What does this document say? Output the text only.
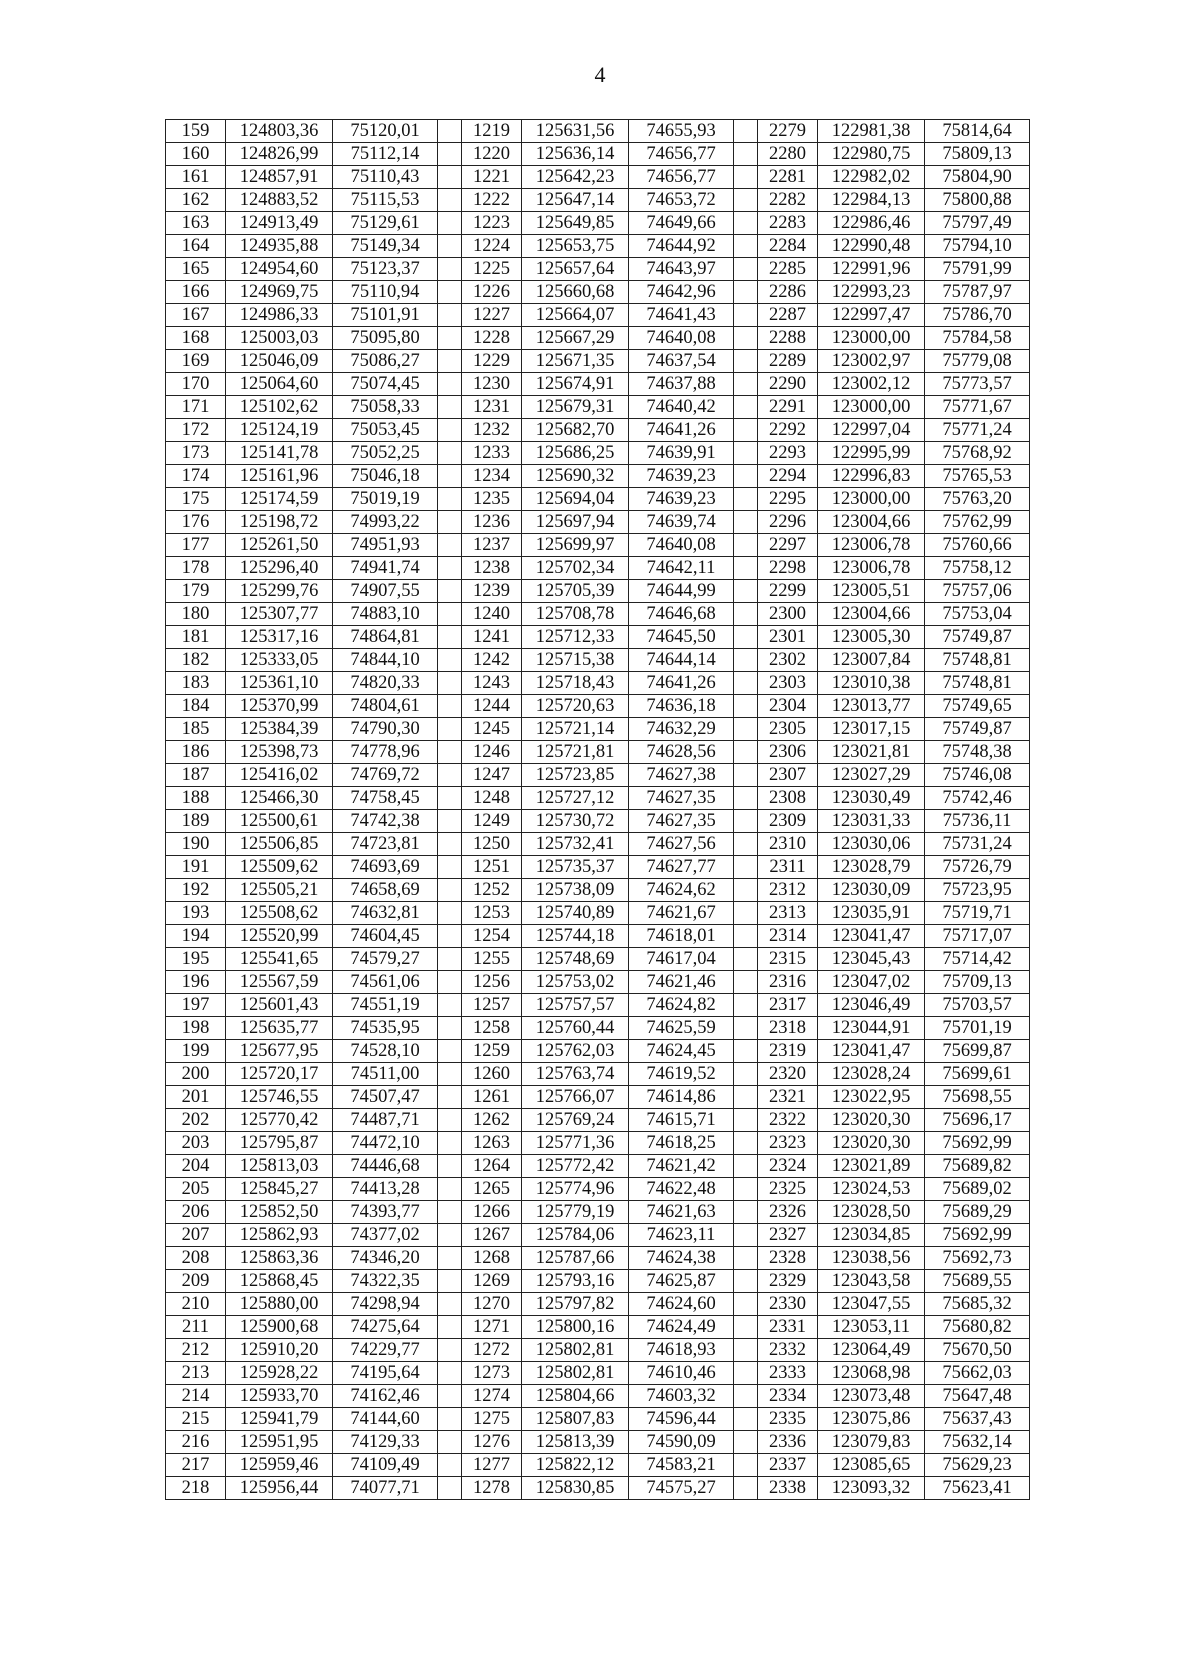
4
159	124803,36	75120,01		1219	125631,56	74655,93		2279	122981,38	75814,64
160	124826,99	75112,14		1220	125636,14	74656,77		2280	122980,75	75809,13
161	124857,91	75110,43		1221	125642,23	74656,77		2281	122982,02	75804,90
162	124883,52	75115,53		1222	125647,14	74653,72		2282	122984,13	75800,88
163	124913,49	75129,61		1223	125649,85	74649,66		2283	122986,46	75797,49
164	124935,88	75149,34		1224	125653,75	74644,92		2284	122990,48	75794,10
165	124954,60	75123,37		1225	125657,64	74643,97		2285	122991,96	75791,99
166	124969,75	75110,94		1226	125660,68	74642,96		2286	122993,23	75787,97
167	124986,33	75101,91		1227	125664,07	74641,43		2287	122997,47	75786,70
168	125003,03	75095,80		1228	125667,29	74640,08		2288	123000,00	75784,58
169	125046,09	75086,27		1229	125671,35	74637,54		2289	123002,97	75779,08
170	125064,60	75074,45		1230	125674,91	74637,88		2290	123002,12	75773,57
171	125102,62	75058,33		1231	125679,31	74640,42		2291	123000,00	75771,67
172	125124,19	75053,45		1232	125682,70	74641,26		2292	122997,04	75771,24
173	125141,78	75052,25		1233	125686,25	74639,91		2293	122995,99	75768,92
174	125161,96	75046,18		1234	125690,32	74639,23		2294	122996,83	75765,53
175	125174,59	75019,19		1235	125694,04	74639,23		2295	123000,00	75763,20
176	125198,72	74993,22		1236	125697,94	74639,74		2296	123004,66	75762,99
177	125261,50	74951,93		1237	125699,97	74640,08		2297	123006,78	75760,66
178	125296,40	74941,74		1238	125702,34	74642,11		2298	123006,78	75758,12
179	125299,76	74907,55		1239	125705,39	74644,99		2299	123005,51	75757,06
180	125307,77	74883,10		1240	125708,78	74646,68		2300	123004,66	75753,04
181	125317,16	74864,81		1241	125712,33	74645,50		2301	123005,30	75749,87
182	125333,05	74844,10		1242	125715,38	74644,14		2302	123007,84	75748,81
183	125361,10	74820,33		1243	125718,43	74641,26		2303	123010,38	75748,81
184	125370,99	74804,61		1244	125720,63	74636,18		2304	123013,77	75749,65
185	125384,39	74790,30		1245	125721,14	74632,29		2305	123017,15	75749,87
186	125398,73	74778,96		1246	125721,81	74628,56		2306	123021,81	75748,38
187	125416,02	74769,72		1247	125723,85	74627,38		2307	123027,29	75746,08
188	125466,30	74758,45		1248	125727,12	74627,35		2308	123030,49	75742,46
189	125500,61	74742,38		1249	125730,72	74627,35		2309	123031,33	75736,11
190	125506,85	74723,81		1250	125732,41	74627,56		2310	123030,06	75731,24
191	125509,62	74693,69		1251	125735,37	74627,77		2311	123028,79	75726,79
192	125505,21	74658,69		1252	125738,09	74624,62		2312	123030,09	75723,95
193	125508,62	74632,81		1253	125740,89	74621,67		2313	123035,91	75719,71
194	125520,99	74604,45		1254	125744,18	74618,01		2314	123041,47	75717,07
195	125541,65	74579,27		1255	125748,69	74617,04		2315	123045,43	75714,42
196	125567,59	74561,06		1256	125753,02	74621,46		2316	123047,02	75709,13
197	125601,43	74551,19		1257	125757,57	74624,82		2317	123046,49	75703,57
198	125635,77	74535,95		1258	125760,44	74625,59		2318	123044,91	75701,19
199	125677,95	74528,10		1259	125762,03	74624,45		2319	123041,47	75699,87
200	125720,17	74511,00		1260	125763,74	74619,52		2320	123028,24	75699,61
201	125746,55	74507,47		1261	125766,07	74614,86		2321	123022,95	75698,55
202	125770,42	74487,71		1262	125769,24	74615,71		2322	123020,30	75696,17
203	125795,87	74472,10		1263	125771,36	74618,25		2323	123020,30	75692,99
204	125813,03	74446,68		1264	125772,42	74621,42		2324	123021,89	75689,82
205	125845,27	74413,28		1265	125774,96	74622,48		2325	123024,53	75689,02
206	125852,50	74393,77		1266	125779,19	74621,63		2326	123028,50	75689,29
207	125862,93	74377,02		1267	125784,06	74623,11		2327	123034,85	75692,99
208	125863,36	74346,20		1268	125787,66	74624,38		2328	123038,56	75692,73
209	125868,45	74322,35		1269	125793,16	74625,87		2329	123043,58	75689,55
210	125880,00	74298,94		1270	125797,82	74624,60		2330	123047,55	75685,32
211	125900,68	74275,64		1271	125800,16	74624,49		2331	123053,11	75680,82
212	125910,20	74229,77		1272	125802,81	74618,93		2332	123064,49	75670,50
213	125928,22	74195,64		1273	125802,81	74610,46		2333	123068,98	75662,03
214	125933,70	74162,46		1274	125804,66	74603,32		2334	123073,48	75647,48
215	125941,79	74144,60		1275	125807,83	74596,44		2335	123075,86	75637,43
216	125951,95	74129,33		1276	125813,39	74590,09		2336	123079,83	75632,14
217	125959,46	74109,49		1277	125822,12	74583,21		2337	123085,65	75629,23
218	125956,44	74077,71		1278	125830,85	74575,27		2338	123093,32	75623,41
